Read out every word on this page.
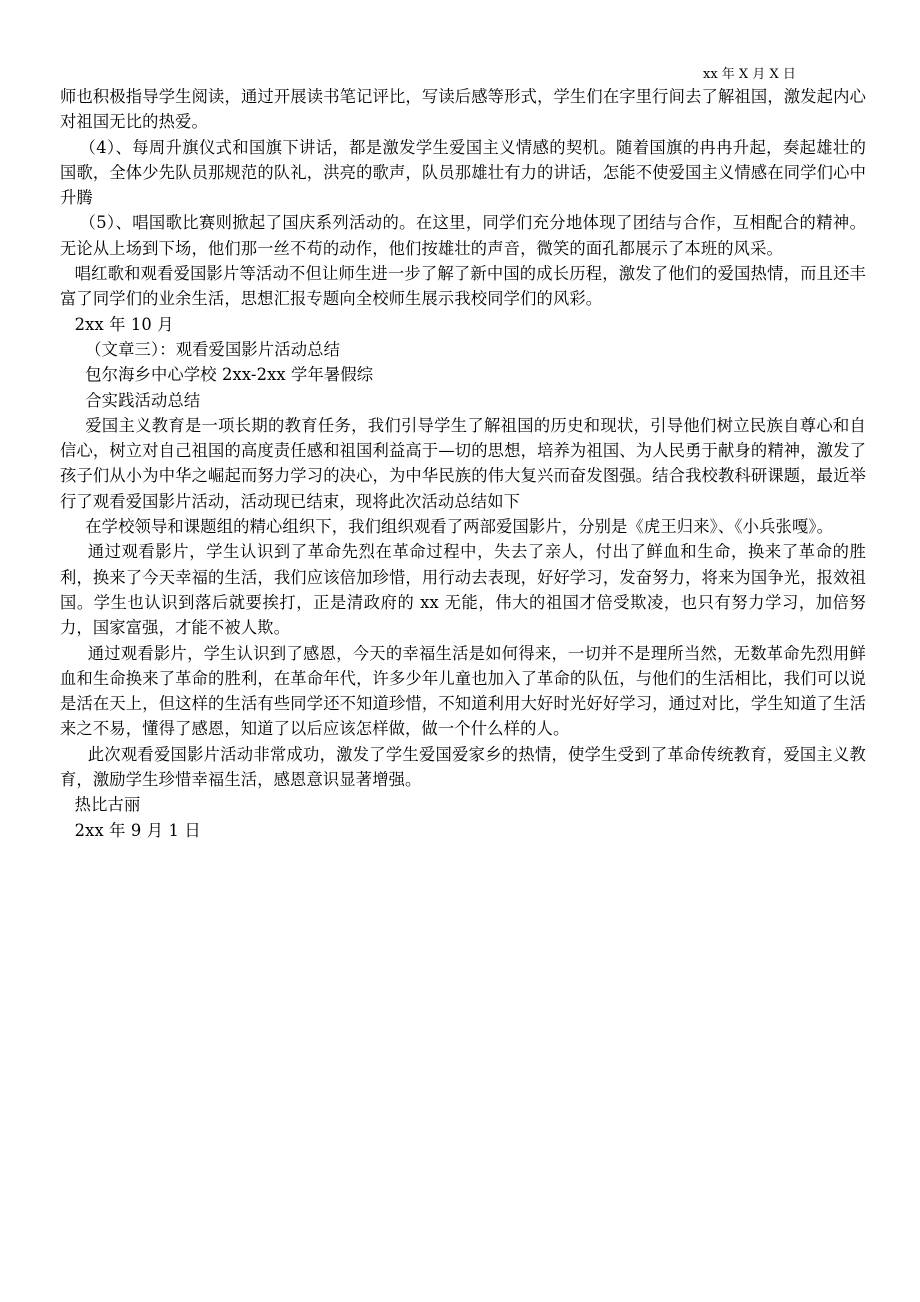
xx 年 X 月 X 日

师也积极指导学生阅读，通过开展读书笔记评比，写读后感等形式，学生们在字里行间去了解祖国，激发起内心对祖国无比的热爱。

（4）、每周升旗仪式和国旗下讲话，都是激发学生爱国主义情感的契机。随着国旗的冉冉升起，奏起雄壮的国歌，全体少先队员那规范的队礼，洪亮的歌声，队员那雄壮有力的讲话，怎能不使爱国主义情感在同学们心中升腾

（5）、唱国歌比赛则掀起了国庆系列活动的。在这里，同学们充分地体现了团结与合作，互相配合的精神。无论从上场到下场，他们那一丝不苟的动作，他们按雄壮的声音，微笑的面孔都展示了本班的风采。

唱红歌和观看爱国影片等活动不但让师生进一步了解了新中国的成长历程，激发了他们的爱国热情，而且还丰富了同学们的业余生活，思想汇报专题向全校师生展示我校同学们的风彩。

2xx 年 10 月

（文章三）：观看爱国影片活动总结

包尔海乡中心学校 2xx-2xx 学年暑假综

合实践活动总结

爱国主义教育是一项长期的教育任务，我们引导学生了解祖国的历史和现状，引导他们树立民族自尊心和自信心，树立对自己祖国的高度责任感和祖国利益高于—切的思想，培养为祖国、为人民勇于献身的精神，激发了孩子们从小为中华之崛起而努力学习的决心，为中华民族的伟大复兴而奋发图强。结合我校教科研课题，最近举行了观看爱国影片活动，活动现已结束，现将此次活动总结如下

在学校领导和课题组的精心组织下，我们组织观看了两部爱国影片，分别是《虎王归来》、《小兵张嘎》。

通过观看影片，学生认识到了革命先烈在革命过程中，失去了亲人，付出了鲜血和生命，换来了革命的胜利，换来了今天幸福的生活，我们应该倍加珍惜，用行动去表现，好好学习，发奋努力，将来为国争光，报效祖国。学生也认识到落后就要挨打，正是清政府的 xx 无能，伟大的祖国才倍受欺凌，也只有努力学习，加倍努力，国家富强，才能不被人欺。

通过观看影片，学生认识到了感恩，今天的幸福生活是如何得来，一切并不是理所当然，无数革命先烈用鲜血和生命换来了革命的胜利，在革命年代，许多少年儿童也加入了革命的队伍，与他们的生活相比，我们可以说是活在天上，但这样的生活有些同学还不知道珍惜，不知道利用大好时光好好学习，通过对比，学生知道了生活来之不易，懂得了感恩，知道了以后应该怎样做，做一个什么样的人。

此次观看爱国影片活动非常成功，激发了学生爱国爱家乡的热情，使学生受到了革命传统教育，爱国主义教育，激励学生珍惜幸福生活，感恩意识显著增强。

热比古丽

2xx 年 9 月 1 日
